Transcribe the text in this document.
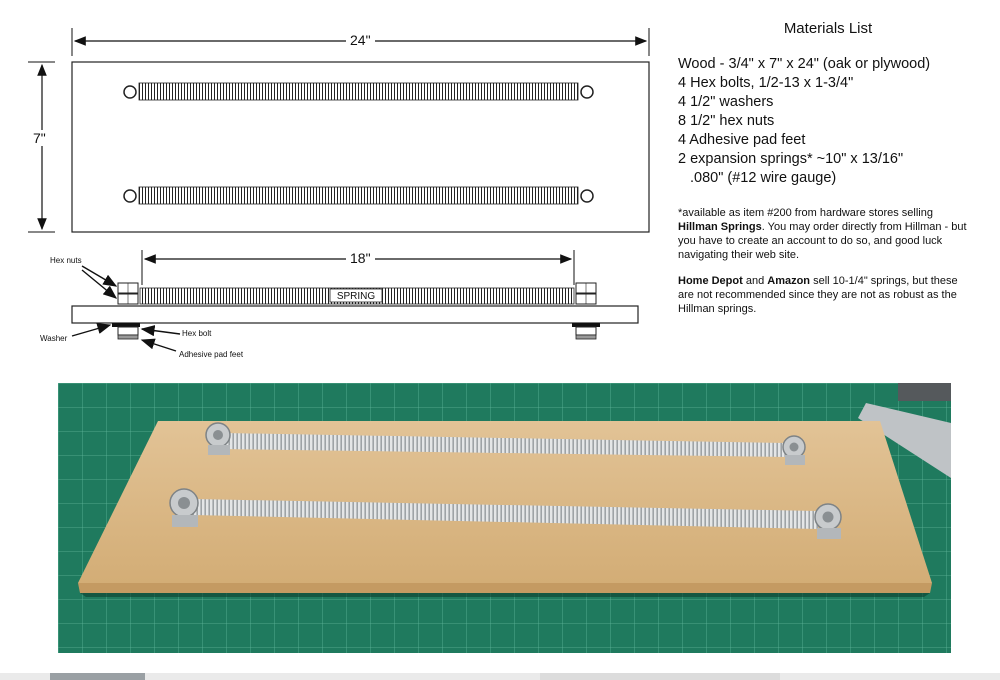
SPRING
24"
7"
18"
Hex nuts
Washer
Hex bolt
Adhesive pad feet
Materials List
Wood - 3/4" x 7" x 24" (oak or plywood)
4 Hex bolts, 1/2-13 x 1-3/4"
4 1/2" washers
8 1/2" hex nuts
4 Adhesive pad feet
2 expansion springs* ~10" x 13/16"
.080" (#12 wire gauge)

*available as item #200 from hardware stores selling Hillman Springs. You may order directly from Hillman - but you have to create an account to do so, and good luck navigating their web site.

Home Depot and Amazon sell 10-1/4" springs, but these are not recommended since they are not as robust as the Hillman springs.
